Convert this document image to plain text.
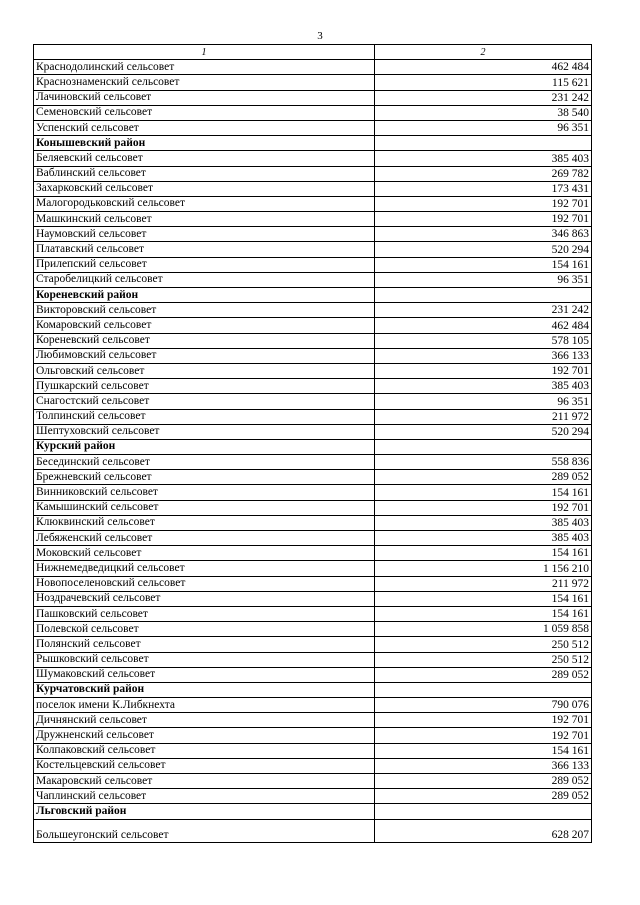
3
1	2
Краснодолинский сельсовет	462 484
Краснознаменский сельсовет	115 621
Лачиновский сельсовет	231 242
Семеновский сельсовет	38 540
Успенский сельсовет	96 351
Конышевский район	
Беляевский сельсовет	385 403
Ваблинский сельсовет	269 782
Захарковский сельсовет	173 431
Малогородьковский сельсовет	192 701
Машкинский сельсовет	192 701
Наумовский сельсовет	346 863
Платавский сельсовет	520 294
Прилепский сельсовет	154 161
Старобелицкий сельсовет	96 351
Кореневский район	
Викторовский сельсовет	231 242
Комаровский сельсовет	462 484
Кореневский сельсовет	578 105
Любимовский сельсовет	366 133
Ольговский сельсовет	192 701
Пушкарский сельсовет	385 403
Снагостский сельсовет	96 351
Толпинский сельсовет	211 972
Шептуховский сельсовет	520 294
Курский район	
Бесединский сельсовет	558 836
Брежневский сельсовет	289 052
Винниковский сельсовет	154 161
Камышинский сельсовет	192 701
Клюквинский сельсовет	385 403
Лебяженский сельсовет	385 403
Моковский сельсовет	154 161
Нижнемедведицкий сельсовет	1 156 210
Новопоселеновский сельсовет	211 972
Ноздрачевский сельсовет	154 161
Пашковский сельсовет	154 161
Полевской сельсовет	1 059 858
Полянский сельсовет	250 512
Рышковский сельсовет	250 512
Шумаковский сельсовет	289 052
Курчатовский район	
поселок имени К.Либкнехта	790 076
Дичнянский сельсовет	192 701
Дружненский сельсовет	192 701
Колпаковский сельсовет	154 161
Костельцевский сельсовет	366 133
Макаровский сельсовет	289 052
Чаплинский сельсовет	289 052
Льговский район	
Большеугонский сельсовет	628 207
